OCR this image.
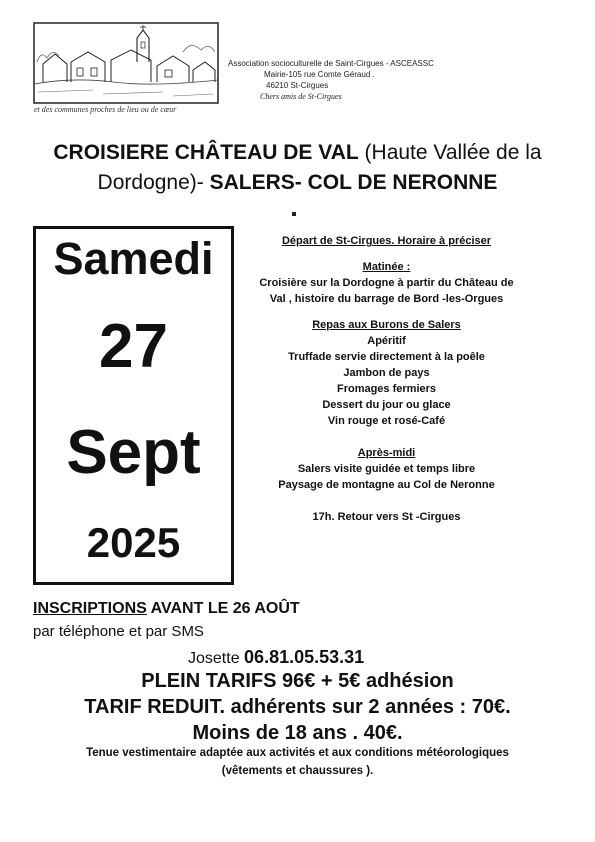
et des communes proches de lieu ou de cœur
Association socioculturelle de Saint-Cirgues - ASCEASSC
Mairie-105 rue Comte Géraud .
46210 St-Cirgues
Chers amis de St-Cirgues
CROISIERE CHÂTEAU DE VAL (Haute Vallée de la Dordogne)- SALERS- COL DE NERONNE
Samedi
27
Sept
2025
Départ de St-Cirgues. Horaire à préciser
Matinée :
Croisière sur la Dordogne à partir du Château de
Val , histoire du barrage de Bord -les-Orgues
Repas aux Burons de Salers
Apéritif
Truffade servie directement à la poêle
Jambon de pays
Fromages fermiers
Dessert du jour ou glace
Vin rouge et rosé-Café
Après-midi
Salers visite guidée et temps libre
Paysage de montagne au Col de Neronne
17h. Retour vers St -Cirgues
INSCRIPTIONS AVANT LE 26 AOÛT
par téléphone et par SMS
Josette 06.81.05.53.31
PLEIN TARIFS 96€ + 5€ adhésion
TARIF REDUIT. adhérents sur 2 années : 70€.
Moins de 18 ans . 40€.
Tenue vestimentaire adaptée aux activités et aux conditions météorologiques
(vêtements et chaussures ).
